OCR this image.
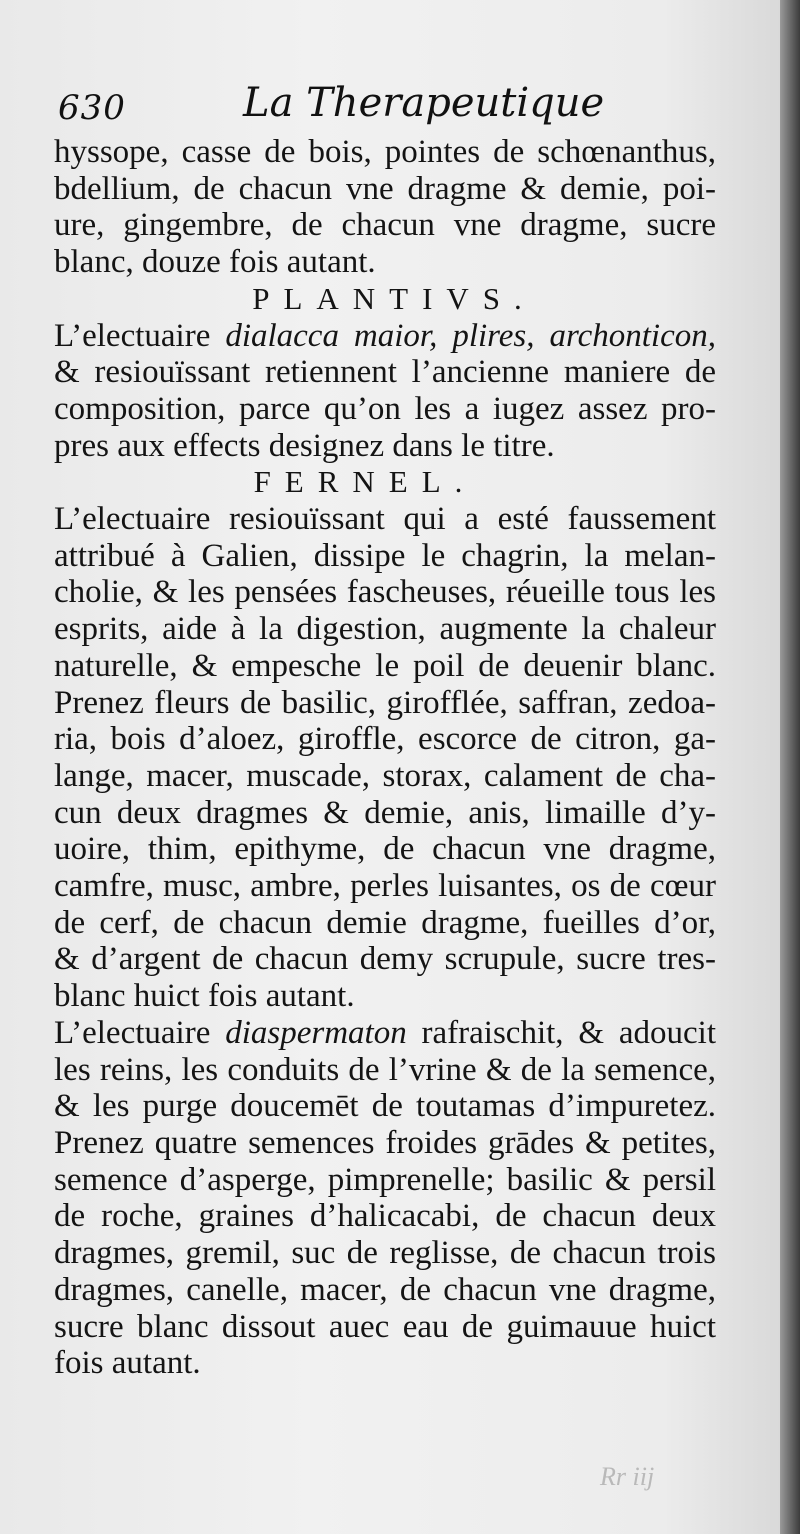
630	La Therapeutique
hyssope, casse de bois, pointes de schœnanthus,
bdellium, de chacun vne dragme & demie, poi-
ure, gingembre, de chacun vne dragme, sucre
blanc, douze fois autant.
PLANTIVS.
L’electuaire dialacca maior, plires, archonticon,
& resiouïssant retiennent l’ancienne maniere de
composition, parce qu’on les a iugez assez pro-
pres aux effects designez dans le titre.
FERNEL.
L’electuaire resiouïssant qui a esté faussement
attribué à Galien, dissipe le chagrin, la melan-
cholie, & les pensées fascheuses, réueille tous les
esprits, aide à la digestion, augmente la chaleur
naturelle, & empesche le poil de deuenir blanc.
Prenez fleurs de basilic, girofflée, saffran, zedoa-
ria, bois d’aloez, giroffle, escorce de citron, ga-
lange, macer, muscade, storax, calament de cha-
cun deux dragmes & demie, anis, limaille d’y-
uoire, thim, epithyme, de chacun vne dragme,
camfre, musc, ambre, perles luisantes, os de cœur
de cerf, de chacun demie dragme, fueilles d’or,
& d’argent de chacun demy scrupule, sucre tres-
blanc huict fois autant.
L’electuaire diaspermaton rafraischit, & adoucit
les reins, les conduits de l’vrine & de la semence,
& les purge doucemēt de toutamas d’impuretez.
Prenez quatre semences froides grādes & petites,
semence d’asperge, pimprenelle; basilic & persil
de roche, graines d’halicacabi, de chacun deux
dragmes, gremil, suc de reglisse, de chacun trois
dragmes, canelle, macer, de chacun vne dragme,
sucre blanc dissout auec eau de guimauue huict
fois autant.
Rr iij
